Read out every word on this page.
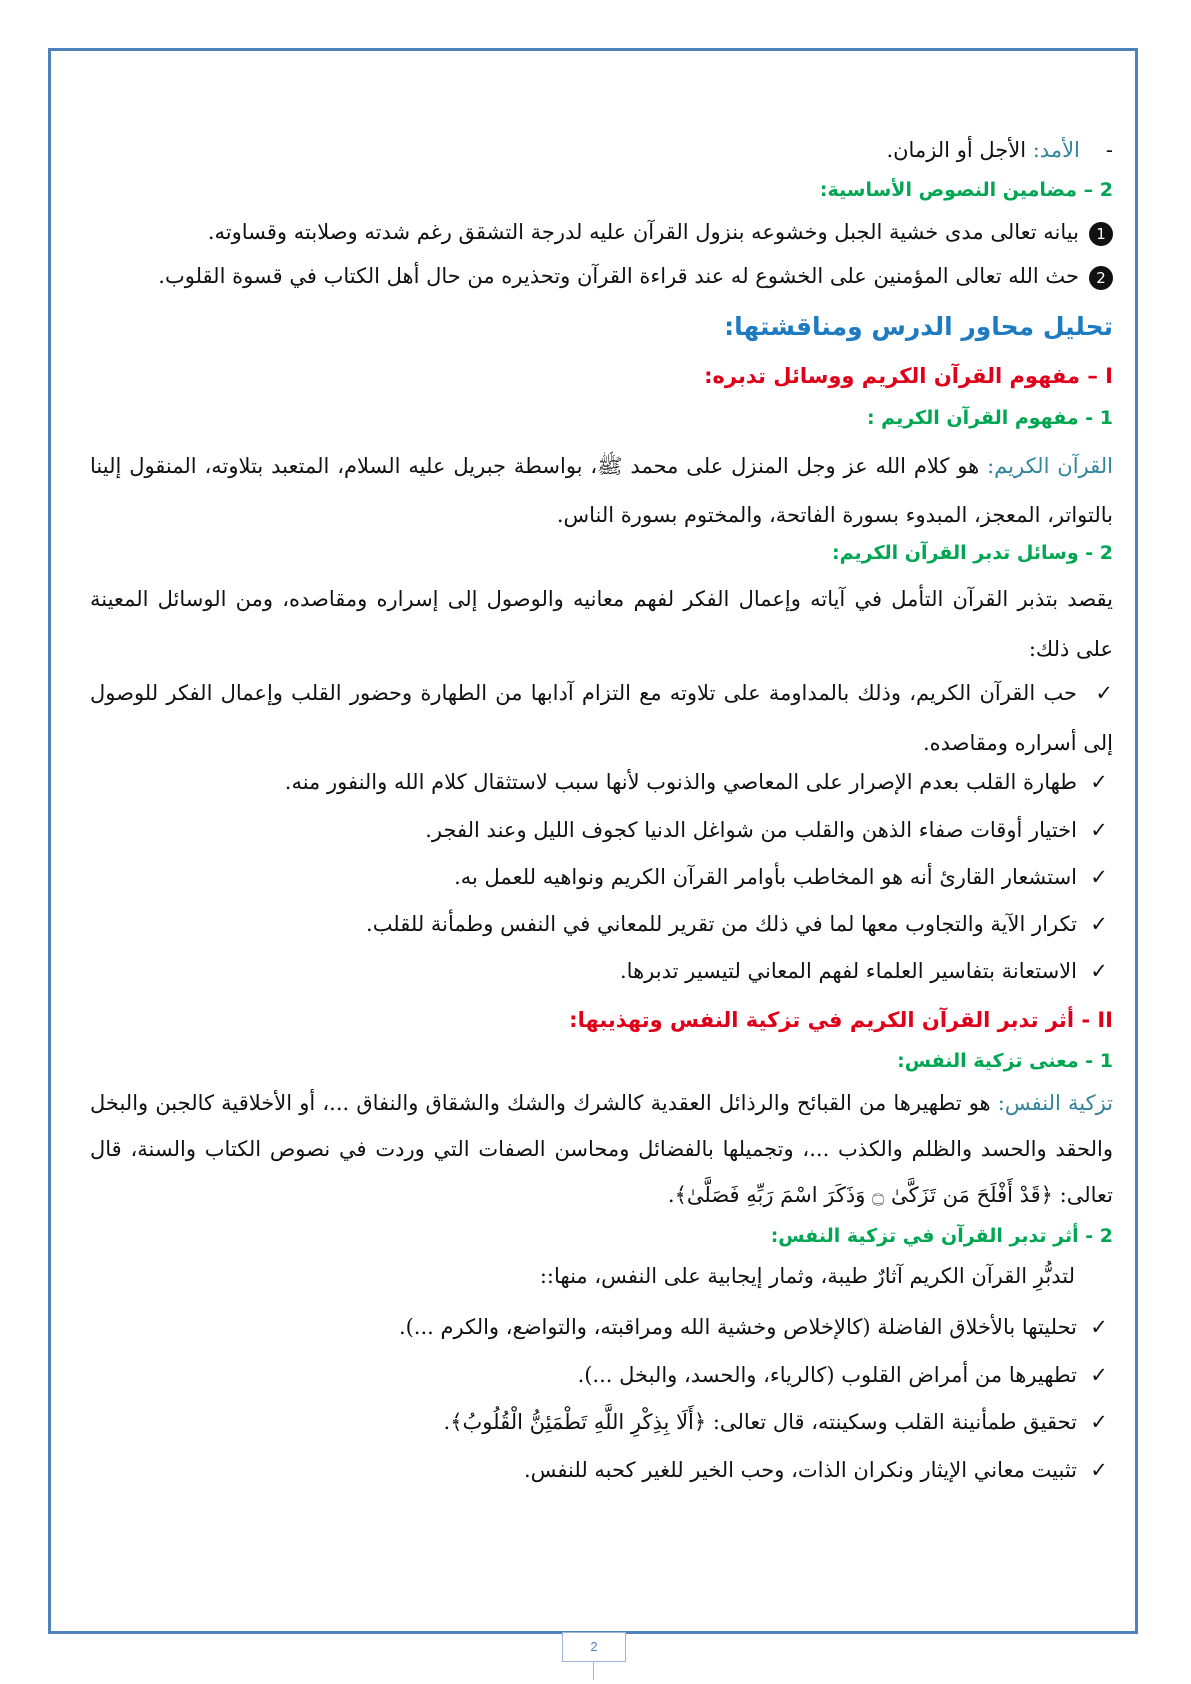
-الأمد: الأجل أو الزمان.
2 – مضامين النصوص الأساسية:
1بيانه تعالى مدى خشية الجبل وخشوعه بنزول القرآن عليه لدرجة التشقق رغم شدته وصلابته وقساوته.
2حث الله تعالى المؤمنين على الخشوع له عند قراءة القرآن وتحذيره من حال أهل الكتاب في قسوة القلوب.
تحليل محاور الدرس ومناقشتها:
I – مفهوم القرآن الكريم ووسائل تدبره:
1 - مفهوم القرآن الكريم :
القرآن الكريم: هو كلام الله عز وجل المنزل على محمد ﷺ، بواسطة جبريل عليه السلام، المتعبد بتلاوته، المنقول إلينا بالتواتر، المعجز، المبدوء بسورة الفاتحة، والمختوم بسورة الناس.
2 - وسائل تدبر القرآن الكريم:
يقصد بتذبر القرآن التأمل في آياته وإعمال الفكر لفهم معانيه والوصول إلى إسراره ومقاصده، ومن الوسائل المعينة على ذلك:
✓حب القرآن الكريم، وذلك بالمداومة على تلاوته مع التزام آدابها من الطهارة وحضور القلب وإعمال الفكر للوصول إلى أسراره ومقاصده.
✓طهارة القلب بعدم الإصرار على المعاصي والذنوب لأنها سبب لاستثقال كلام الله والنفور منه.
✓اختيار أوقات صفاء الذهن والقلب من شواغل الدنيا كجوف الليل وعند الفجر.
✓استشعار القارئ أنه هو المخاطب بأوامر القرآن الكريم ونواهيه للعمل به.
✓تكرار الآية والتجاوب معها لما في ذلك من تقرير للمعاني في النفس وطمأنة للقلب.
✓الاستعانة بتفاسير العلماء لفهم المعاني لتيسير تدبرها.
II - أثر تدبر القرآن الكريم في تزكية النفس وتهذيبها:
1 - معنى تزكية النفس:
تزكية النفس: هو تطهيرها من القبائح والرذائل العقدية كالشرك والشك والشقاق والنفاق ...، أو الأخلاقية كالجبن والبخل والحقد والحسد والظلم والكذب ...، وتجميلها بالفضائل ومحاسن الصفات التي وردت في نصوص الكتاب والسنة، قال تعالى: ﴿قَدْ أَفْلَحَ مَن تَزَكَّىٰ ۝ وَذَكَرَ اسْمَ رَبِّهِ فَصَلَّىٰ﴾.
2 - أثر تدبر القرآن في تزكية النفس:
لتدبُّرِ القرآن الكريم آثارٌ طيبة، وثمار إيجابية على النفس، منها::
✓تحليتها بالأخلاق الفاضلة (كالإخلاص وخشية الله ومراقبته، والتواضع، والكرم ...).
✓تطهيرها من أمراض القلوب (كالرياء، والحسد، والبخل ...).
✓تحقيق طمأنينة القلب وسكينته، قال تعالى: ﴿أَلَا بِذِكْرِ اللَّهِ تَطْمَئِنُّ الْقُلُوبُ﴾.
✓تثبيت معاني الإيثار ونكران الذات، وحب الخير للغير كحبه للنفس.
2
